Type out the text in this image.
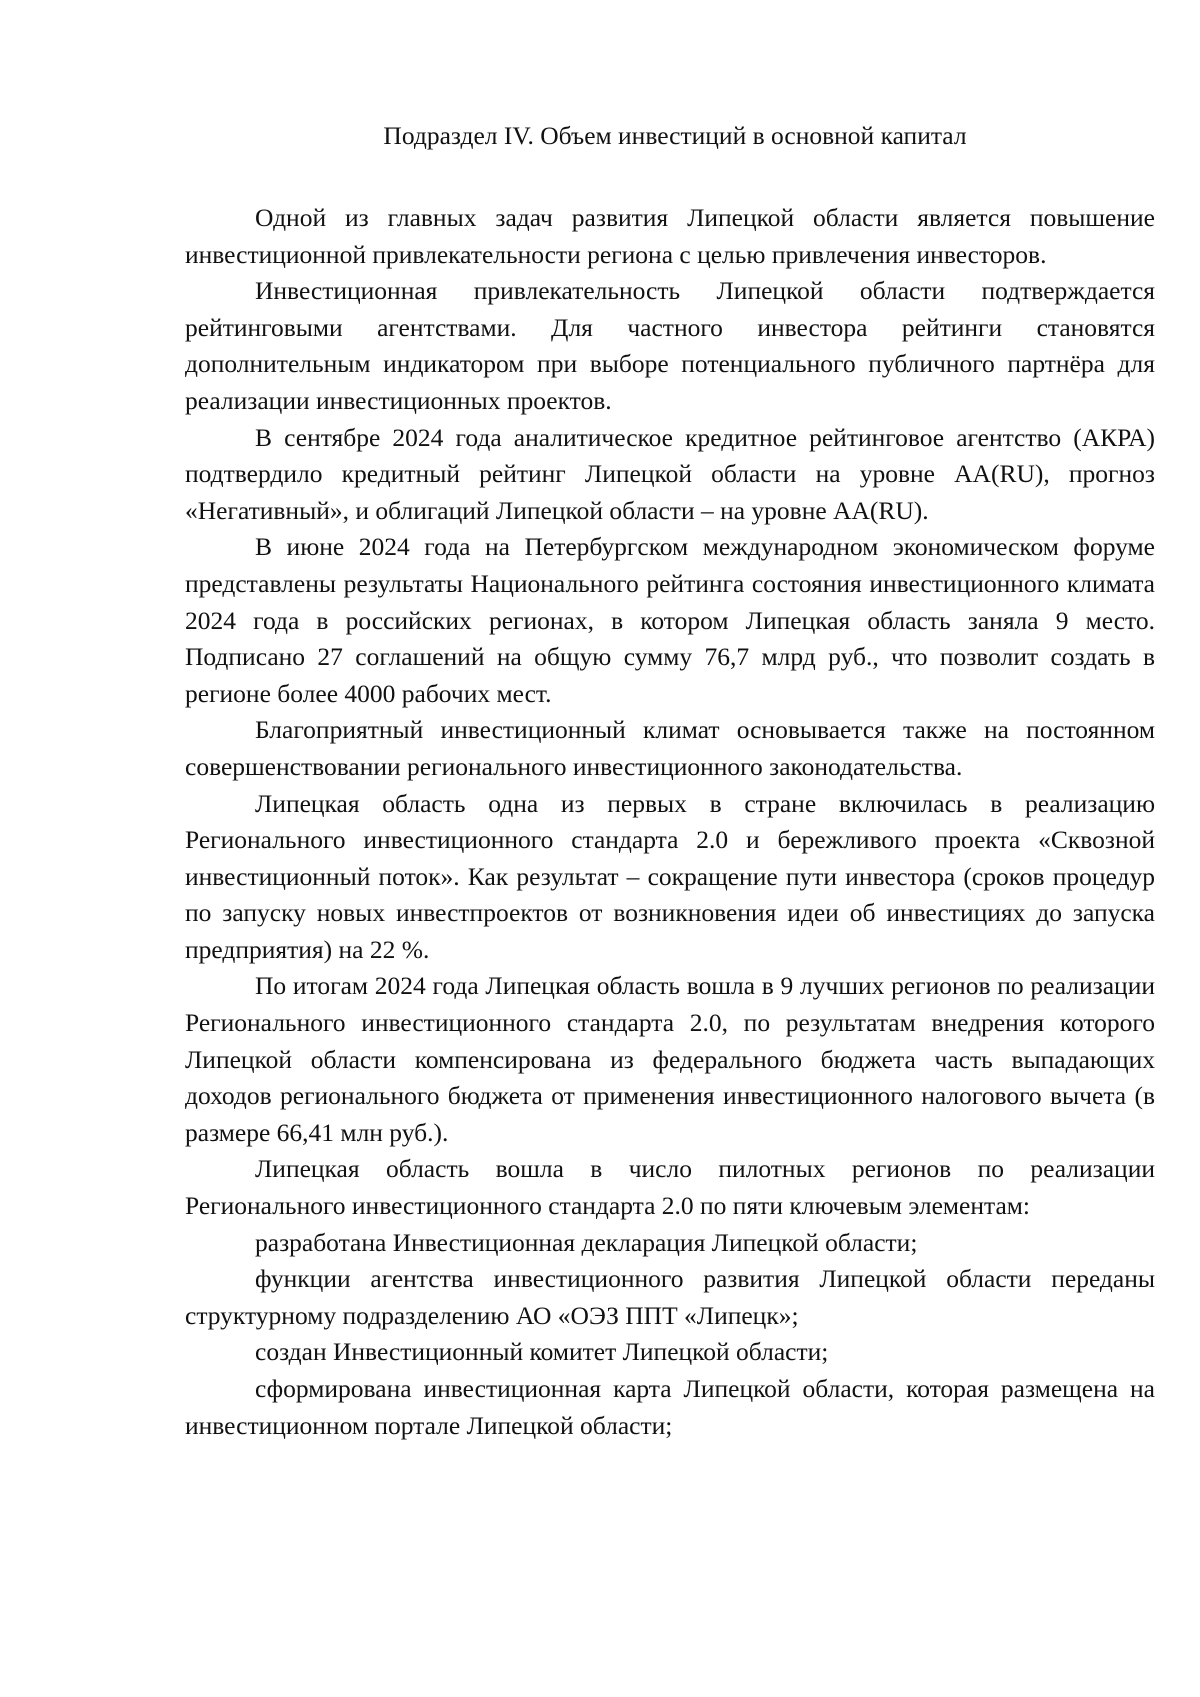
Подраздел IV. Объем инвестиций в основной капитал

Одной из главных задач развития Липецкой области является повышение инвестиционной привлекательности региона с целью привлечения инвесторов.

Инвестиционная привлекательность Липецкой области подтверждается рейтинговыми агентствами. Для частного инвестора рейтинги становятся дополнительным индикатором при выборе потенциального публичного партнёра для реализации инвестиционных проектов.

В сентябре 2024 года аналитическое кредитное рейтинговое агентство (АКРА) подтвердило кредитный рейтинг Липецкой области на уровне AA(RU), прогноз «Негативный», и облигаций Липецкой области – на уровне AA(RU).

В июне 2024 года на Петербургском международном экономическом форуме представлены результаты Национального рейтинга состояния инвестиционного климата 2024 года в российских регионах, в котором Липецкая область заняла 9 место. Подписано 27 соглашений на общую сумму 76,7 млрд руб., что позволит создать в регионе более 4000 рабочих мест.

Благоприятный инвестиционный климат основывается также на постоянном совершенствовании регионального инвестиционного законодательства.

Липецкая область одна из первых в стране включилась в реализацию Регионального инвестиционного стандарта 2.0 и бережливого проекта «Сквозной инвестиционный поток». Как результат – сокращение пути инвестора (сроков процедур по запуску новых инвестпроектов от возникновения идеи об инвестициях до запуска предприятия) на 22 %.

По итогам 2024 года Липецкая область вошла в 9 лучших регионов по реализации Регионального инвестиционного стандарта 2.0, по результатам внедрения которого Липецкой области компенсирована из федерального бюджета часть выпадающих доходов регионального бюджета от применения инвестиционного налогового вычета (в размере 66,41 млн руб.).

Липецкая область вошла в число пилотных регионов по реализации Регионального инвестиционного стандарта 2.0 по пяти ключевым элементам:

разработана Инвестиционная декларация Липецкой области;

функции агентства инвестиционного развития Липецкой области переданы структурному подразделению АО «ОЭЗ ППТ «Липецк»;

создан Инвестиционный комитет Липецкой области;

сформирована инвестиционная карта Липецкой области, которая размещена на инвестиционном портале Липецкой области;
